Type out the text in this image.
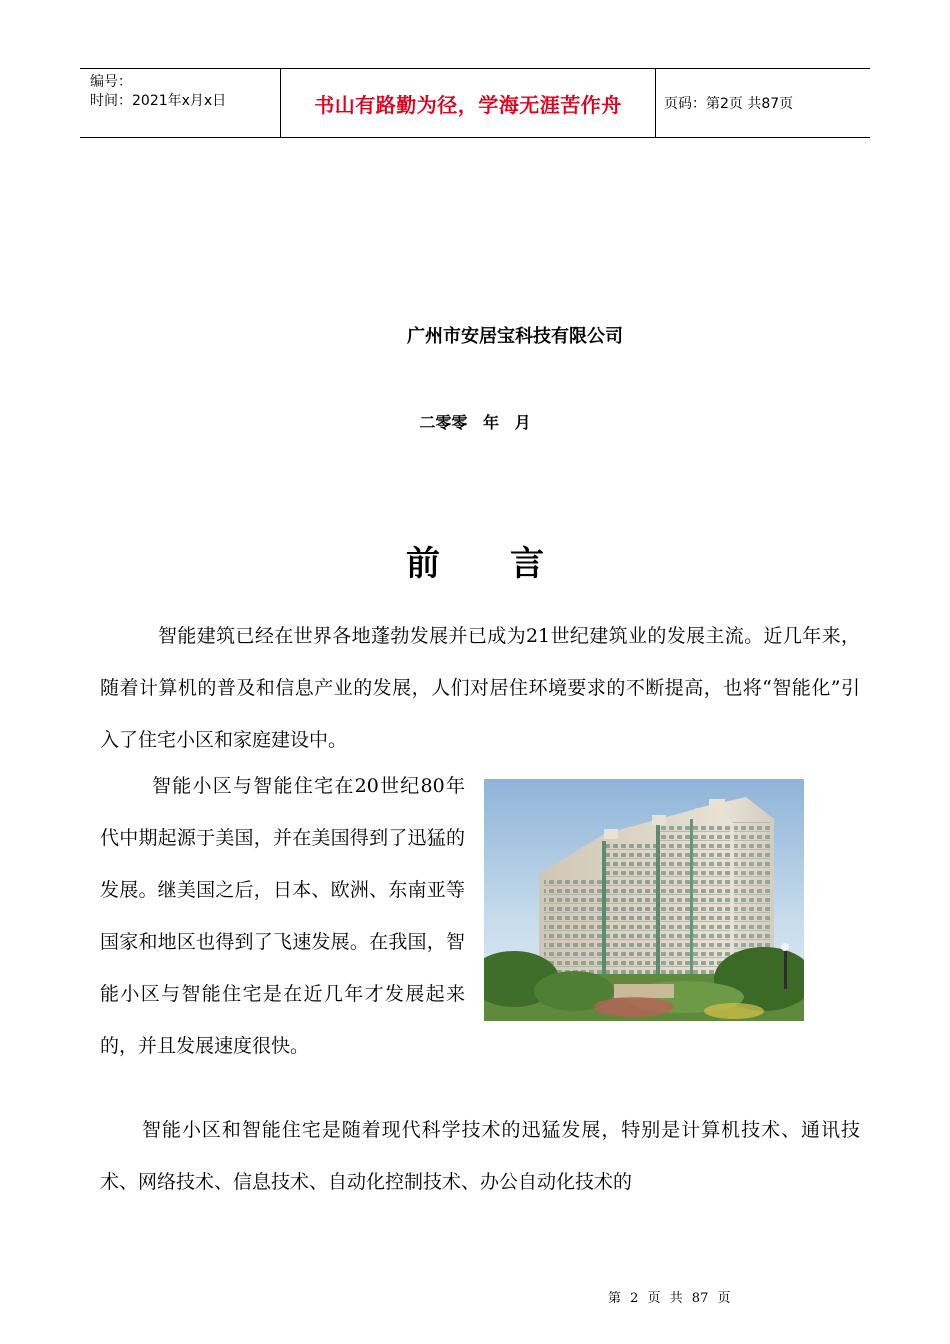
编号：
时间：2021年x月x日	书山有路勤为径，学海无涯苦作舟	页码：第2页 共87页
广州市安居宝科技有限公司
二零零 年 月
前言

智能建筑已经在世界各地蓬勃发展并已成为21世纪建筑业的发展主流。近几年来，随着计算机的普及和信息产业的发展，人们对居住环境要求的不断提高，也将“智能化”引入了住宅小区和家庭建设中。

智能小区与智能住宅在20世纪80年代中期起源于美国，并在美国得到了迅猛的发展。继美国之后，日本、欧洲、东南亚等国家和地区也得到了飞速发展。在我国，智能小区与智能住宅是在近几年才发展起来的，并且发展速度很快。

智能小区和智能住宅是随着现代科学技术的迅猛发展，特别是计算机技术、通讯技术、网络技术、信息技术、自动化控制技术、办公自动化技术的

第 2 页 共 87 页
